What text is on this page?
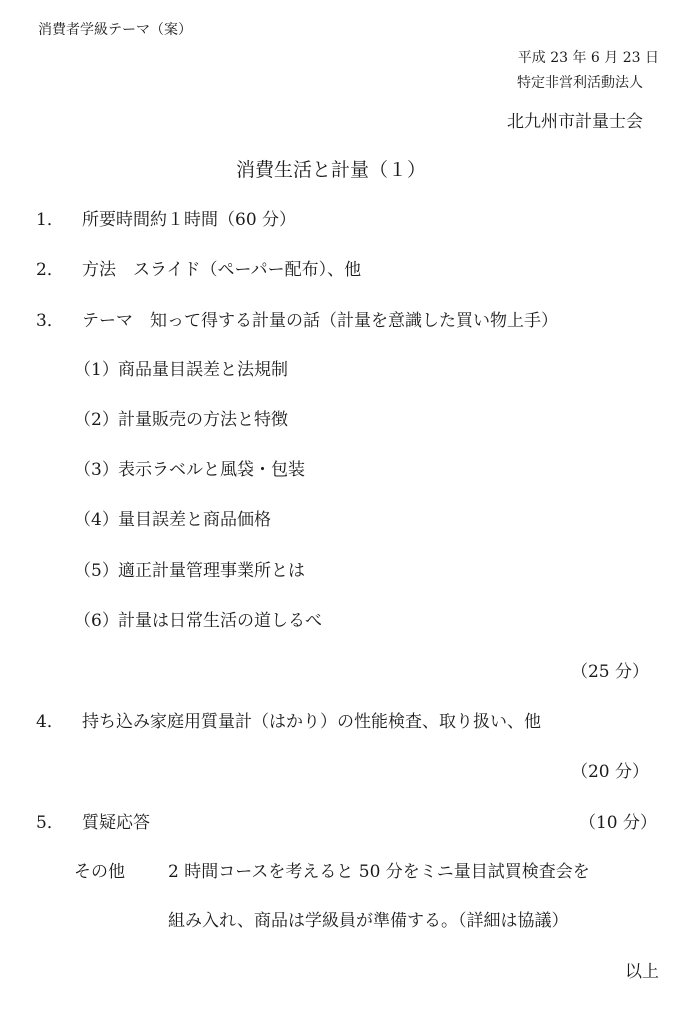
消費者学級テーマ（案）
平成 23 年 6 月 23 日
特定非営利活動法人
北九州市計量士会
消費生活と計量（１）
1． 所要時間約１時間（60 分）
2． 方法　スライド（ペーパー配布）、他
3． テーマ　知って得する計量の話（計量を意識した買い物上手）
（1）商品量目誤差と法規制
（2）計量販売の方法と特徴
（3）表示ラベルと風袋・包装
（4）量目誤差と商品価格
（5）適正計量管理事業所とは
（6）計量は日常生活の道しるべ
（25 分）
4． 持ち込み家庭用質量計（はかり）の性能検査、取り扱い、他
（20 分）
5． 質疑応答	（10 分）
その他	2 時間コースを考えると 50 分をミニ量目試買検査会を
組み入れ、商品は学級員が準備する。（詳細は協議）
以上
